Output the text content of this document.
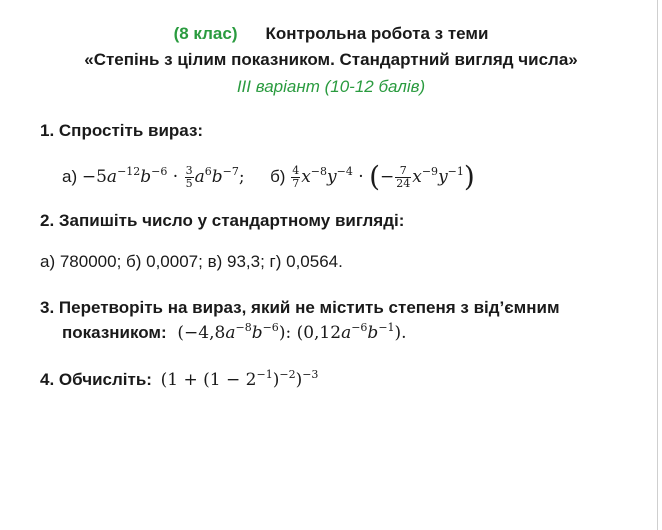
(8 клас) Контрольна робота з теми
«Степінь з цілим показником. Стандартний вигляд числа»
ІІІ варіант (10-12 балів)
1. Спростіть вираз:
$а) -5a^{-12}b^{-6} \cdot \frac{3}{5} a^6b^{-7}$; $б) \frac{4}{7} x^{-8}y^{-4}$ · (− $\frac{7}{24} x^{-9}y^{-1}$)
2. Запишіть число у стандартному вигляді:
а) 780000; б) 0,0007; в) 93,3; г) 0,0564.
3. Перетворіть на вираз, який не містить степеня з від’ємним
показником: $(-4,8a^{-8}b^{-6})$: $(0,12a^{-6}b^{-1})$.
4. Обчисліть: $(1 + (1 - 2^{-1})^{-2})^{-3}$
